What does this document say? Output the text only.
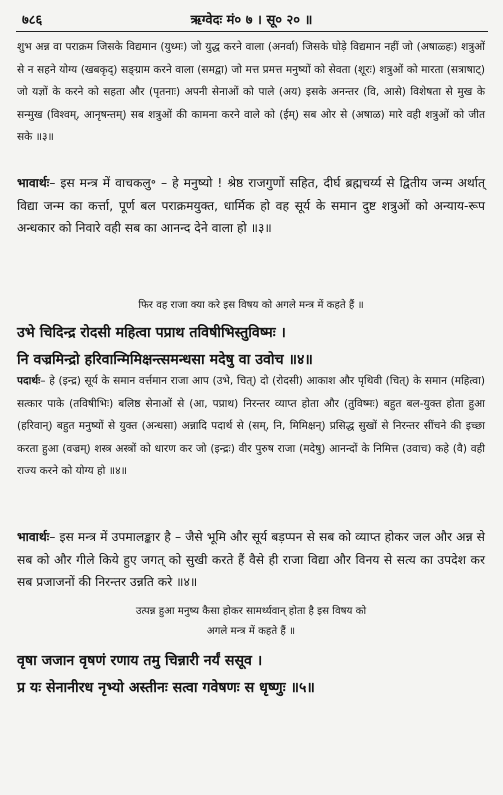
७८६	ऋग्वेदः मं० ७ । सू० २० ॥

शुभ अन्न वा पराक्रम जिसके विद्यमान (युध्मः) जो युद्ध करने वाला (अनर्वा) जिसके घोड़े विद्यमान नहीं जो (अषाळ्हः) शत्रुओं से न सहने योग्य (खबकृद्) सङ्ग्राम करने वाला (समद्वा) जो मत्त प्रमत्त मनुष्यों को सेवता (शूरः) शत्रुओं को मारता (सत्राषाट्) जो यज्ञों के करने को सहता और (पृतनाः) अपनी सेनाओं को पाले (अय) इसके अनन्तर (वि, आसे) विशेषता से मुख के सन्मुख (विश्वम्, आनृषन्तम्) सब शत्रुओं की कामना करने वाले को (ईम्) सब ओर से (अषाळ) मारे वही शत्रुओं को जीत सके ॥३॥

भावार्थः– इस मन्त्र में वाचकलु॰ – हे मनुष्यो ! श्रेष्ठ राजगुणों सहित, दीर्घ ब्रह्मचर्य्य से द्वितीय जन्म अर्थात् विद्या जन्म का कर्त्ता, पूर्ण बल पराक्रमयुक्त, धार्मिक हो वह सूर्य के समान दुष्ट शत्रुओं को अन्याय-रूप अन्धकार को निवारे वही सब का आनन्द देने वाला हो ॥३॥

फिर वह राजा क्या करे इस विषय को अगले मन्त्र में कहते हैं ॥

उभे चिदिन्द्र रोदसी महित्वा पप्राथ तविषीभिस्तुविष्मः ।
नि वज्रमिन्द्रो हरिवान्मिमिक्षन्त्समन्धसा मदेषु वा उवोच ॥४॥

पदार्थः– हे (इन्द्र) सूर्य के समान वर्त्तमान राजा आप (उभे, चित्) दो (रोदसी) आकाश और पृथिवी (चित्) के समान (महित्वा) सत्कार पाके (तविषीभिः) बलिष्ठ सेनाओं से (आ, पप्राथ) निरन्तर व्याप्त होता और (तुविष्मः) बहुत बल-युक्त होता हुआ (हरिवान्) बहुत मनुष्यों से युक्त (अन्धसा) अन्नादि पदार्थ से (सम्, नि, मिमिक्षन्) प्रसिद्ध सुखों से निरन्तर सींचने की इच्छा करता हुआ (वज्रम्) शस्त्र अस्त्रों को धारण कर जो (इन्द्रः) वीर पुरुष राजा (मदेषु) आनन्दों के निमित्त (उवाच) कहे (वै) वही राज्य करने को योग्य हो ॥४॥

भावार्थः– इस मन्त्र में उपमालङ्कार है – जैसे भूमि और सूर्य बड़प्पन से सब को व्याप्त होकर जल और अन्न से सब को और गीले किये हुए जगत् को सुखी करते हैं वैसे ही राजा विद्या और विनय से सत्य का उपदेश कर सब प्रजाजनों की निरन्तर उन्नति करे ॥४॥

उत्पन्न हुआ मनुष्य कैसा होकर सामर्थ्यवान् होता है इस विषय को
अगले मन्त्र में कहते हैं ॥
वृषा जजान वृषणं रणाय तमु चिन्नारी नर्यं ससूव ।
प्र यः सेनानीरध नृभ्यो अस्तीनः सत्वा गवेषणः स धृष्णुः ॥५॥
